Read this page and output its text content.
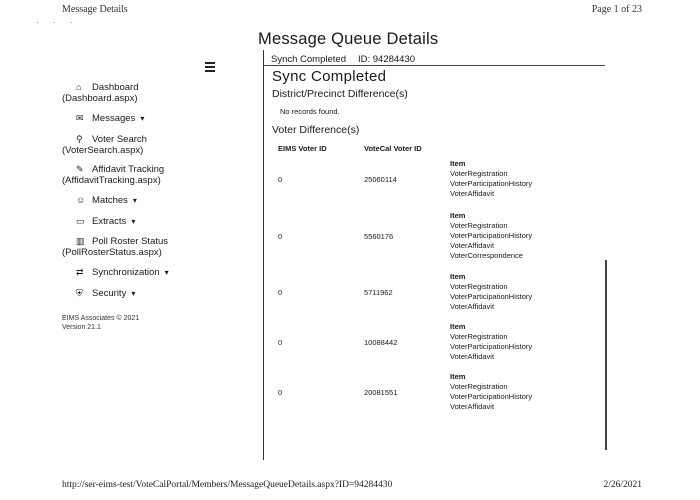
Message Details	Page 1 of 23
· · ·
Message Queue Details
⌂ Dashboard
(Dashboard.aspx)
✉ Messages ▾
⚲ Voter Search
(VoterSearch.aspx)
✎ Affidavit Tracking
(AffidavitTracking.aspx)
☺ Matches ▾
▭ Extracts ▾
▥ Poll Roster Status
(PollRosterStatus.aspx)
⇄ Synchronization ▾
⛨ Security ▾
EIMS Associates © 2021
Version 21.1
Synch Completed ID: 94284430
Sync Completed
District/Precinct Difference(s)
No records found.
Voter Difference(s)
EIMS Voter ID	VoteCal Voter ID	
0	25060114	Item
VoterRegistration
VoterParticipationHistory
VoterAffidavit

0	5560176	Item
VoterRegistration
VoterParticipationHistory
VoterAffidavit
VoterCorrespondence

0	5711962	Item
VoterRegistration
VoterParticipationHistory
VoterAffidavit

0	10088442	Item
VoterRegistration
VoterParticipationHistory
VoterAffidavit

0	20081551	Item
VoterRegistration
VoterParticipationHistory
VoterAffidavit
http://ser-eims-test/VoteCalPortal/Members/MessageQueueDetails.aspx?ID=94284430	2/26/2021
